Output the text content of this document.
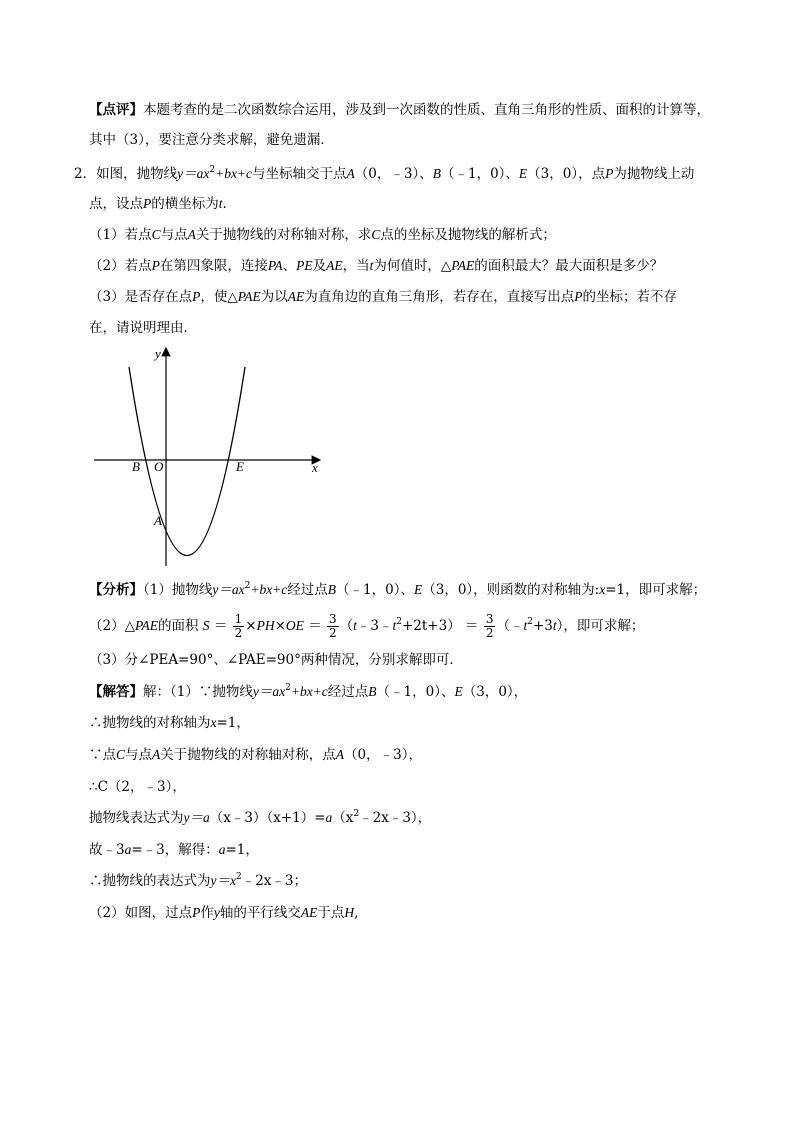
【点评】本题考查的是二次函数综合运用，涉及到一次函数的性质、直角三角形的性质、面积的计算等，
其中（3），要注意分类求解，避免遗漏．
2．如图，抛物线$y=ax^2+bx+c$与坐标轴交于点A（0，﹣3）、B（﹣1，0）、E（3，0），点P为抛物线上动
点，设点P的横坐标为t.
（1）若点C与点A关于抛物线的对称轴对称，求C点的坐标及抛物线的解析式；
（2）若点P在第四象限，连接PA、PE及AE，当t为何值时，△PAE的面积最大？最大面积是多少？
（3）是否存在点P，使△PAE为以AE为直角边的直角三角形，若存在，直接写出点P的坐标；若不存
在，请说明理由．
y
x
B O	E
A
【分析】（1）抛物线$y=ax^2+bx+c$经过点B（﹣1，0）、E（3，0），则函数的对称轴为:x=1，即可求解；
（2）△PAE的面积 $S = \frac{1}{2} \times PH\times OE = \frac{3}{2}$ $(t﹣3﹣t^2+2t+3) = \frac{3}{2}$ $(﹣t^2+3t)$，即可求解；
（3）分∠PEA=90°、∠PAE=90°两种情况，分别求解即可．
【解答】解：（1）∵抛物线$y=ax^2+bx+c$经过点B（﹣1，0）、E（3，0），
∴抛物线的对称轴为x=1，
∵点C与点A关于抛物线的对称轴对称，点A（0，﹣3），
∴C（2，﹣3），
抛物线表达式为$y=a(x﹣3)(x+1)=a(x^2﹣2x﹣3)$，
故﹣3a=﹣3，解得：a=1，
∴抛物线的表达式为$y=x^2﹣2x﹣3$；
（2）如图，过点P作y轴的平行线交AE于点H,
